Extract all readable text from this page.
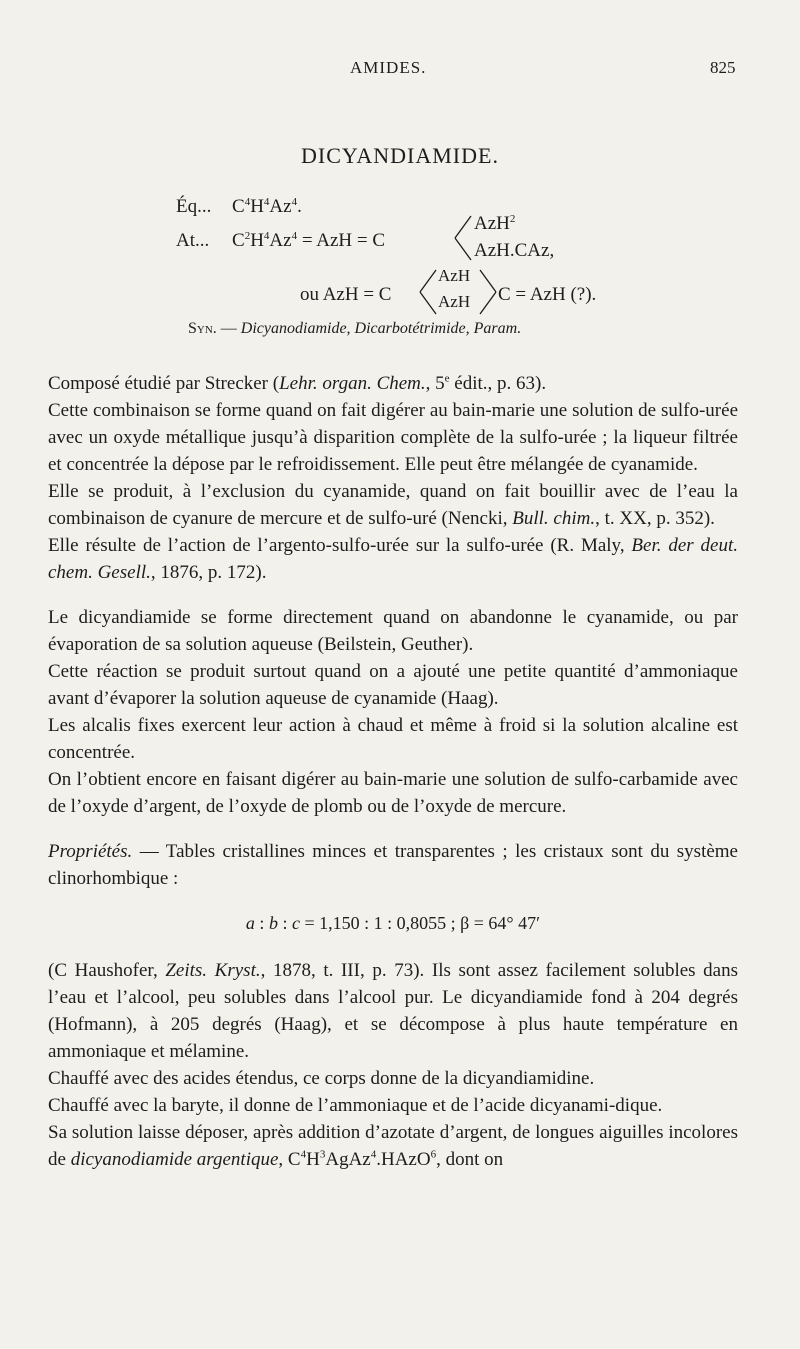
AMIDES.	825
DICYANDIAMIDE.
Éq... $C^4H^4Az^4$.
At... $C^2H^4Az^4$ = AzH = C
AzH$^2$
AzH.CAz,
ou AzH = C
AzH
AzH C = AzH (?).
Syn. — Dicyanodiamide, Dicarbotétrimide, Param.
Composé étudié par Strecker (Lehr. organ. Chem., 5e édit., p. 63).
Cette combinaison se forme quand on fait digérer au bain-marie une solution de sulfo-urée avec un oxyde métallique jusqu’à disparition complète de la sulfo-urée ; la liqueur filtrée et concentrée la dépose par le refroidissement. Elle peut être mélangée de cyanamide.
Elle se produit, à l’exclusion du cyanamide, quand on fait bouillir avec de l’eau la combinaison de cyanure de mercure et de sulfo-uré (Nencki, Bull. chim., t. XX, p. 352).
Elle résulte de l’action de l’argento-sulfo-urée sur la sulfo-urée (R. Maly, Ber. der deut. chem. Gesell., 1876, p. 172).
Le dicyandiamide se forme directement quand on abandonne le cyanamide, ou par évaporation de sa solution aqueuse (Beilstein, Geuther).
Cette réaction se produit surtout quand on a ajouté une petite quantité d’ammoniaque avant d’évaporer la solution aqueuse de cyanamide (Haag).
Les alcalis fixes exercent leur action à chaud et même à froid si la solution alcaline est concentrée.
On l’obtient encore en faisant digérer au bain-marie une solution de sulfo-carbamide avec de l’oxyde d’argent, de l’oxyde de plomb ou de l’oxyde de mercure.
Propriétés. — Tables cristallines minces et transparentes ; les cristaux sont du système clinorhombique :
a : b : c = 1,150 : 1 : 0,8055 ; β = 64° 47′
(C Haushofer, Zeits. Kryst., 1878, t. III, p. 73). Ils sont assez facilement solubles dans l’eau et l’alcool, peu solubles dans l’alcool pur. Le dicyandiamide fond à 204 degrés (Hofmann), à 205 degrés (Haag), et se décompose à plus haute température en ammoniaque et mélamine.
Chauffé avec des acides étendus, ce corps donne de la dicyandiamidine.
Chauffé avec la baryte, il donne de l’ammoniaque et de l’acide dicyanami-dique.
Sa solution laisse déposer, après addition d’azotate d’argent, de longues aiguilles incolores de dicyanodiamide argentique, $C^4H^3AgAz^4.HAzO^6$, dont on
